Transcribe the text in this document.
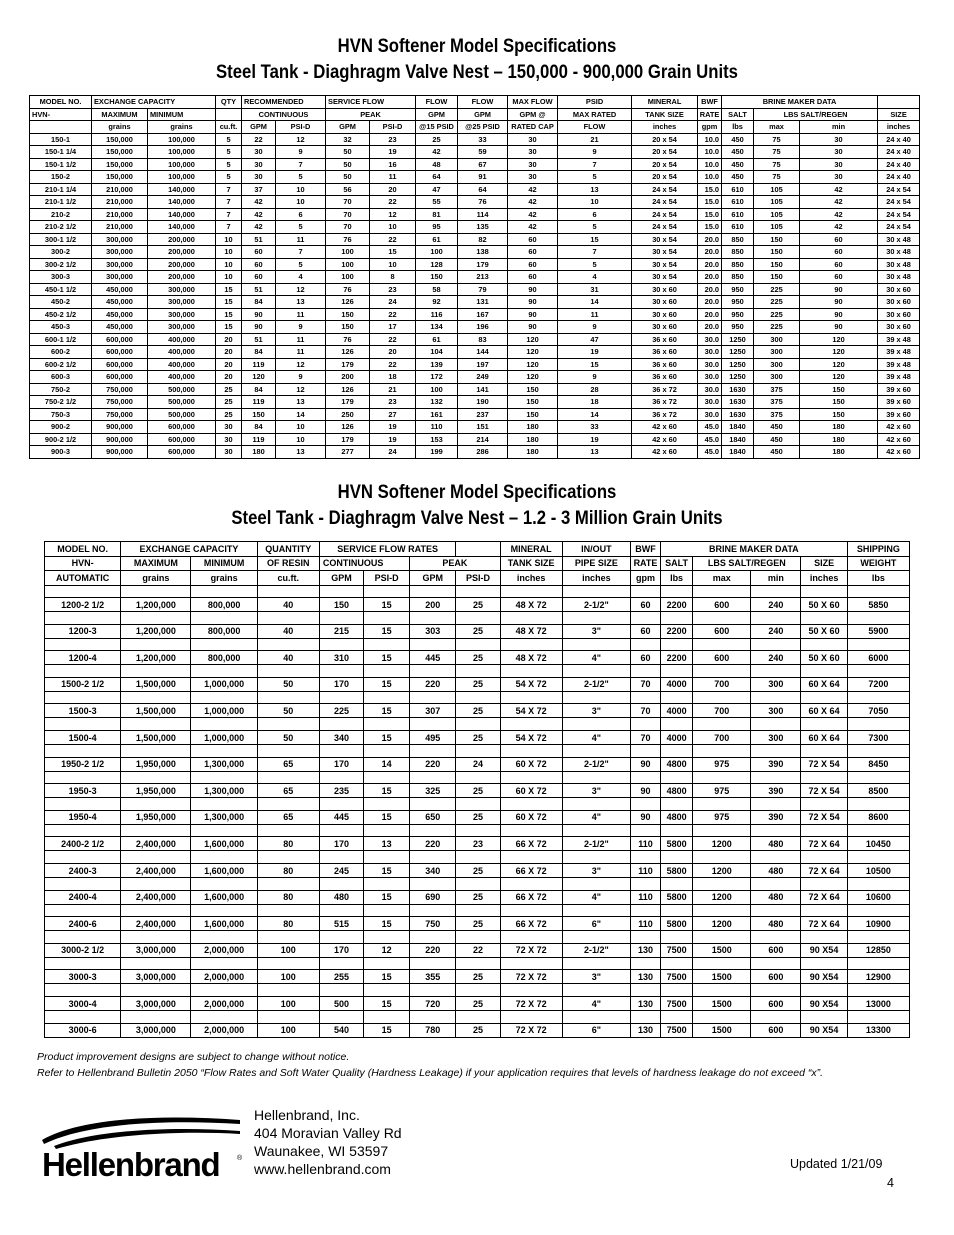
HVN Softener Model Specifications
Steel Tank - Diaghragm Valve Nest – 150,000 - 900,000 Grain Units
MODEL NO.	EXCHANGE CAPACITY		QTY	RECOMMENDED		SERVICE FLOW		FLOW	FLOW	MAX FLOW	PSID	MINERAL	BWF	BRINE MAKER DATA			
HVN-	MAXIMUM	MINIMUM		CONTINUOUS		PEAK		GPM	GPM	GPM @	MAX RATED	TANK SIZE	RATE	SALT	LBS SALT/REGEN		SIZE
	grains	grains	cu.ft.	GPM	PSI-D	GPM	PSI-D	@15 PSID	@25 PSID	RATED CAP	FLOW	inches	gpm	lbs	max	min	inches
150-1	150,000	100,000	5	22	12	32	23	25	33	30	21	20 x 54	10.0	450	75	30	24 x 40
150-1 1/4	150,000	100,000	5	30	9	50	19	42	59	30	9	20 x 54	10.0	450	75	30	24 x 40
150-1 1/2	150,000	100,000	5	30	7	50	16	48	67	30	7	20 x 54	10.0	450	75	30	24 x 40
150-2	150,000	100,000	5	30	5	50	11	64	91	30	5	20 x 54	10.0	450	75	30	24 x 40
210-1 1/4	210,000	140,000	7	37	10	56	20	47	64	42	13	24 x 54	15.0	610	105	42	24 x 54
210-1 1/2	210,000	140,000	7	42	10	70	22	55	76	42	10	24 x 54	15.0	610	105	42	24 x 54
210-2	210,000	140,000	7	42	6	70	12	81	114	42	6	24 x 54	15.0	610	105	42	24 x 54
210-2 1/2	210,000	140,000	7	42	5	70	10	95	135	42	5	24 x 54	15.0	610	105	42	24 x 54
300-1 1/2	300,000	200,000	10	51	11	76	22	61	82	60	15	30 x 54	20.0	850	150	60	30 x 48
300-2	300,000	200,000	10	60	7	100	15	100	138	60	7	30 x 54	20.0	850	150	60	30 x 48
300-2 1/2	300,000	200,000	10	60	5	100	10	128	179	60	5	30 x 54	20.0	850	150	60	30 x 48
300-3	300,000	200,000	10	60	4	100	8	150	213	60	4	30 x 54	20.0	850	150	60	30 x 48
450-1 1/2	450,000	300,000	15	51	12	76	23	58	79	90	31	30 x 60	20.0	950	225	90	30 x 60
450-2	450,000	300,000	15	84	13	126	24	92	131	90	14	30 x 60	20.0	950	225	90	30 x 60
450-2 1/2	450,000	300,000	15	90	11	150	22	116	167	90	11	30 x 60	20.0	950	225	90	30 x 60
450-3	450,000	300,000	15	90	9	150	17	134	196	90	9	30 x 60	20.0	950	225	90	30 x 60
600-1 1/2	600,000	400,000	20	51	11	76	22	61	83	120	47	36 x 60	30.0	1250	300	120	39 x 48
600-2	600,000	400,000	20	84	11	126	20	104	144	120	19	36 x 60	30.0	1250	300	120	39 x 48
600-2 1/2	600,000	400,000	20	119	12	179	22	139	197	120	15	36 x 60	30.0	1250	300	120	39 x 48
600-3	600,000	400,000	20	120	9	200	18	172	249	120	9	36 x 60	30.0	1250	300	120	39 x 48
750-2	750,000	500,000	25	84	12	126	21	100	141	150	28	36 x 72	30.0	1630	375	150	39 x 60
750-2 1/2	750,000	500,000	25	119	13	179	23	132	190	150	18	36 x 72	30.0	1630	375	150	39 x 60
750-3	750,000	500,000	25	150	14	250	27	161	237	150	14	36 x 72	30.0	1630	375	150	39 x 60
900-2	900,000	600,000	30	84	10	126	19	110	151	180	33	42 x 60	45.0	1840	450	180	42 x 60
900-2 1/2	900,000	600,000	30	119	10	179	19	153	214	180	19	42 x 60	45.0	1840	450	180	42 x 60
900-3	900,000	600,000	30	180	13	277	24	199	286	180	13	42 x 60	45.0	1840	450	180	42 x 60
HVN Softener Model Specifications
Steel Tank - Diaghragm Valve Nest – 1.2 - 3 Million Grain Units
MODEL NO.	EXCHANGE CAPACITY		QUANTITY	SERVICE FLOW RATES				MINERAL	IN/OUT	BWF	BRINE MAKER DATA				SHIPPING
HVN-	MAXIMUM	MINIMUM	OF RESIN	CONTINUOUS		PEAK		TANK SIZE	PIPE SIZE	RATE	SALT	LBS SALT/REGEN		SIZE	WEIGHT
AUTOMATIC	grains	grains	cu.ft.	GPM	PSI-D	GPM	PSI-D	inches	inches	gpm	lbs	max	min	inches	lbs

1200-2 1/2	1,200,000	800,000	40	150	15	200	25	48 X 72	2-1/2"	60	2200	600	240	50 X 60	5850

1200-3	1,200,000	800,000	40	215	15	303	25	48 X 72	3"	60	2200	600	240	50 X 60	5900

1200-4	1,200,000	800,000	40	310	15	445	25	48 X 72	4"	60	2200	600	240	50 X 60	6000

1500-2 1/2	1,500,000	1,000,000	50	170	15	220	25	54 X 72	2-1/2"	70	4000	700	300	60 X 64	7200

1500-3	1,500,000	1,000,000	50	225	15	307	25	54 X 72	3"	70	4000	700	300	60 X 64	7050

1500-4	1,500,000	1,000,000	50	340	15	495	25	54 X 72	4"	70	4000	700	300	60 X 64	7300

1950-2 1/2	1,950,000	1,300,000	65	170	14	220	24	60 X 72	2-1/2"	90	4800	975	390	72 X 54	8450

1950-3	1,950,000	1,300,000	65	235	15	325	25	60 X 72	3"	90	4800	975	390	72 X 54	8500

1950-4	1,950,000	1,300,000	65	445	15	650	25	60 X 72	4"	90	4800	975	390	72 X 54	8600

2400-2 1/2	2,400,000	1,600,000	80	170	13	220	23	66 X 72	2-1/2"	110	5800	1200	480	72 X 64	10450

2400-3	2,400,000	1,600,000	80	245	15	340	25	66 X 72	3"	110	5800	1200	480	72 X 64	10500

2400-4	2,400,000	1,600,000	80	480	15	690	25	66 X 72	4"	110	5800	1200	480	72 X 64	10600

2400-6	2,400,000	1,600,000	80	515	15	750	25	66 X 72	6"	110	5800	1200	480	72 X 64	10900

3000-2 1/2	3,000,000	2,000,000	100	170	12	220	22	72 X 72	2-1/2"	130	7500	1500	600	90 X54	12850

3000-3	3,000,000	2,000,000	100	255	15	355	25	72 X 72	3"	130	7500	1500	600	90 X54	12900

3000-4	3,000,000	2,000,000	100	500	15	720	25	72 X 72	4"	130	7500	1500	600	90 X54	13000

3000-6	3,000,000	2,000,000	100	540	15	780	25	72 X 72	6"	130	7500	1500	600	90 X54	13300
Product improvement designs are subject to change without notice.
Refer to Hellenbrand Bulletin 2050 “Flow Rates and Soft Water Quality (Hardness Leakage) if your application requires that levels of hardness leakage do not exceed “x”.
Hellenbrand ®
Hellenbrand, Inc.
404 Moravian Valley Rd
Waunakee, WI 53597
www.hellenbrand.com	Updated 1/21/09
4
